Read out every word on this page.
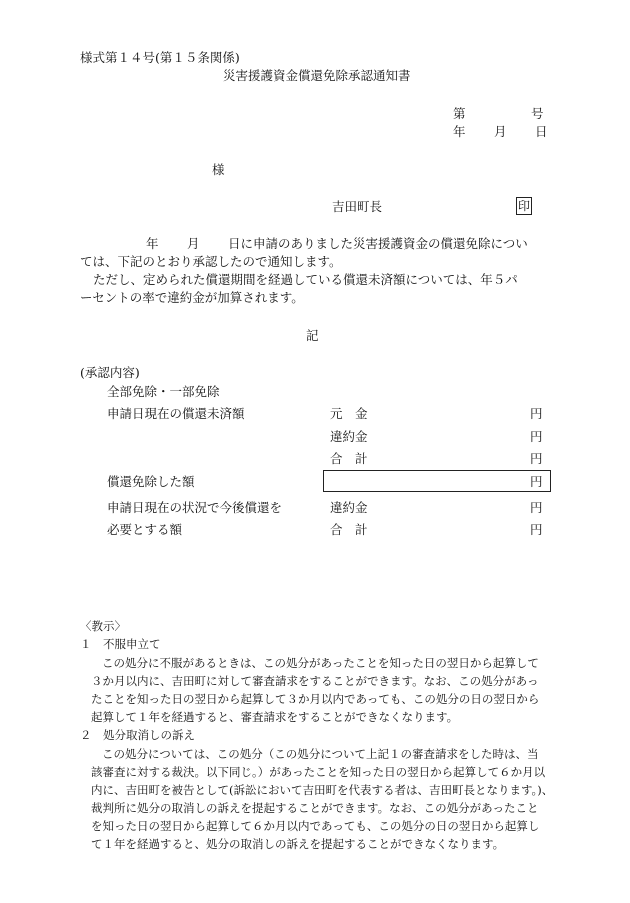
様式第１４号(第１５条関係)
災害援護資金償還免除承認通知書
第	号
年 月 日
様
吉田町長	印
年 月 日に申請のありました災害援護資金の償還免除につい
ては、下記のとおり承認したので通知します。
ただし、定められた償還期間を経過している償還未済額については、年５パ
ーセントの率で違約金が加算されます。
記
(承認内容)
全部免除・一部免除
申請日現在の償還未済額	元　金	円
違約金	円
合　計	円
償還免除した額	円
申請日現在の状況で今後償還を	違約金	円
必要とする額	合　計	円
〈教示〉
１　不服申立て
この処分に不服があるときは、この処分があったことを知った日の翌日から起算して
３か月以内に、吉田町に対して審査請求をすることができます。なお、この処分があっ
たことを知った日の翌日から起算して３か月以内であっても、この処分の日の翌日から
起算して１年を経過すると、審査請求をすることができなくなります。
２　処分取消しの訴え
この処分については、この処分（この処分について上記１の審査請求をした時は、当
該審査に対する裁決。以下同じ。）があったことを知った日の翌日から起算して６か月以
内に、吉田町を被告として(訴訟において吉田町を代表する者は、吉田町長となります。)、
裁判所に処分の取消しの訴えを提起することができます。なお、この処分があったこと
を知った日の翌日から起算して６か月以内であっても、この処分の日の翌日から起算し
て１年を経過すると、処分の取消しの訴えを提起することができなくなります。
